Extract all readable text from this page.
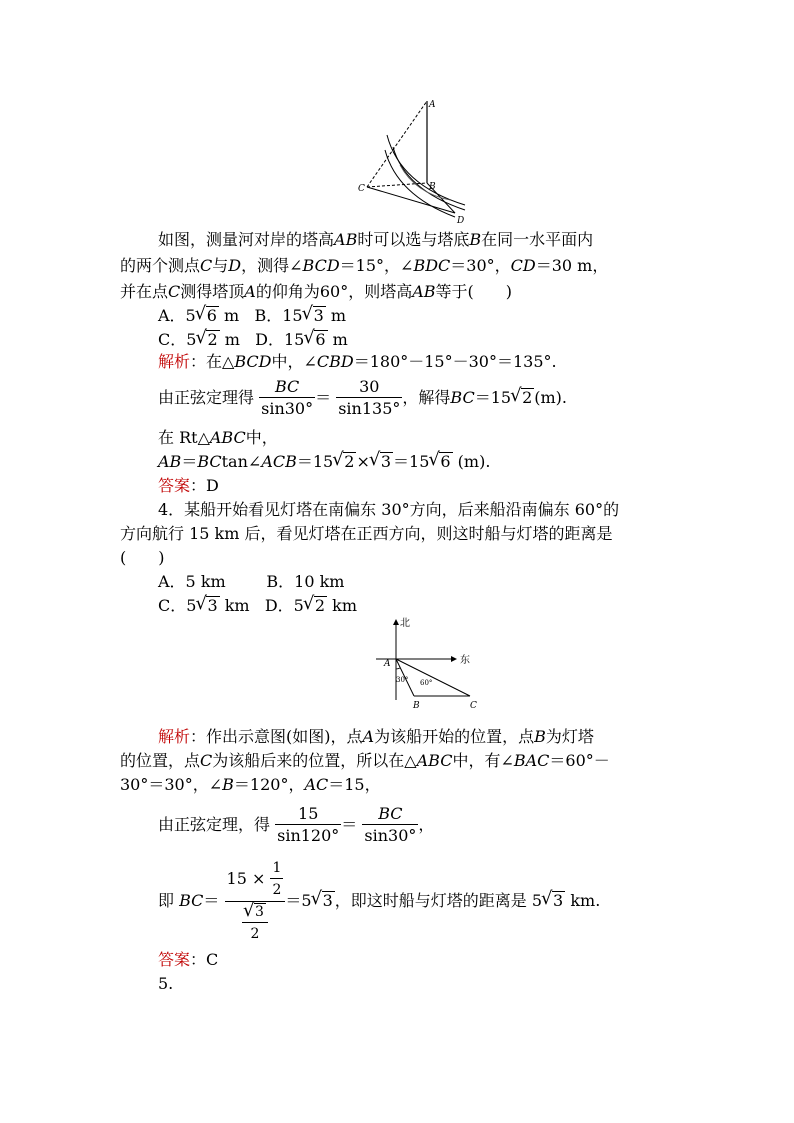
A
B
C
D
如图，测量河对岸的塔高AB时可以选与塔底B在同一水平面内
的两个测点C与D，测得∠BCD＝15°，∠BDC＝30°，CD＝30 m，
并在点C测得塔顶A的仰角为60°，则塔高AB等于(　　)
A．5√ 6 m B．15√ 3 m
C．5√ 2 m D．15√ 6 m
解析：在△BCD中，∠CBD＝180°－15°－30°＝135°.
由正弦定理得 $\frac{BC}{\sin 30^\circ} = \frac{30}{\sin 135^\circ}$ ，解得BC＝15√ 2 (m).
在 Rt△ABC中，
AB＝BCtan∠ACB＝15√ 2 ×√ 3 ＝15√ 6 (m).
答案：D
4．某船开始看见灯塔在南偏东 30°方向，后来船沿南偏东 60°的
方向航行 15 km 后，看见灯塔在正西方向，则这时船与灯塔的距离是
(　　)
A．5 km	B．10 km
C．5√ 3 km D．5√ 2 km
北
东
A
B	C
30° 60°
解析：作出示意图(如图)，点A为该船开始的位置，点B为灯塔
的位置，点C为该船后来的位置，所以在△ABC中，有∠BAC＝60°－
30°＝30°，∠B＝120°，AC＝15，
由正弦定理，得 $\frac{15}{\sin 120^\circ} = \frac{BC}{\sin 30^\circ}$ ，
即 $BC= 15 \times \frac{1}{2}$
√ $\frac{3}{2} =5√$ 3 ，即这时船与灯塔的距离是 5√ 3 km.
答案：C
5.
